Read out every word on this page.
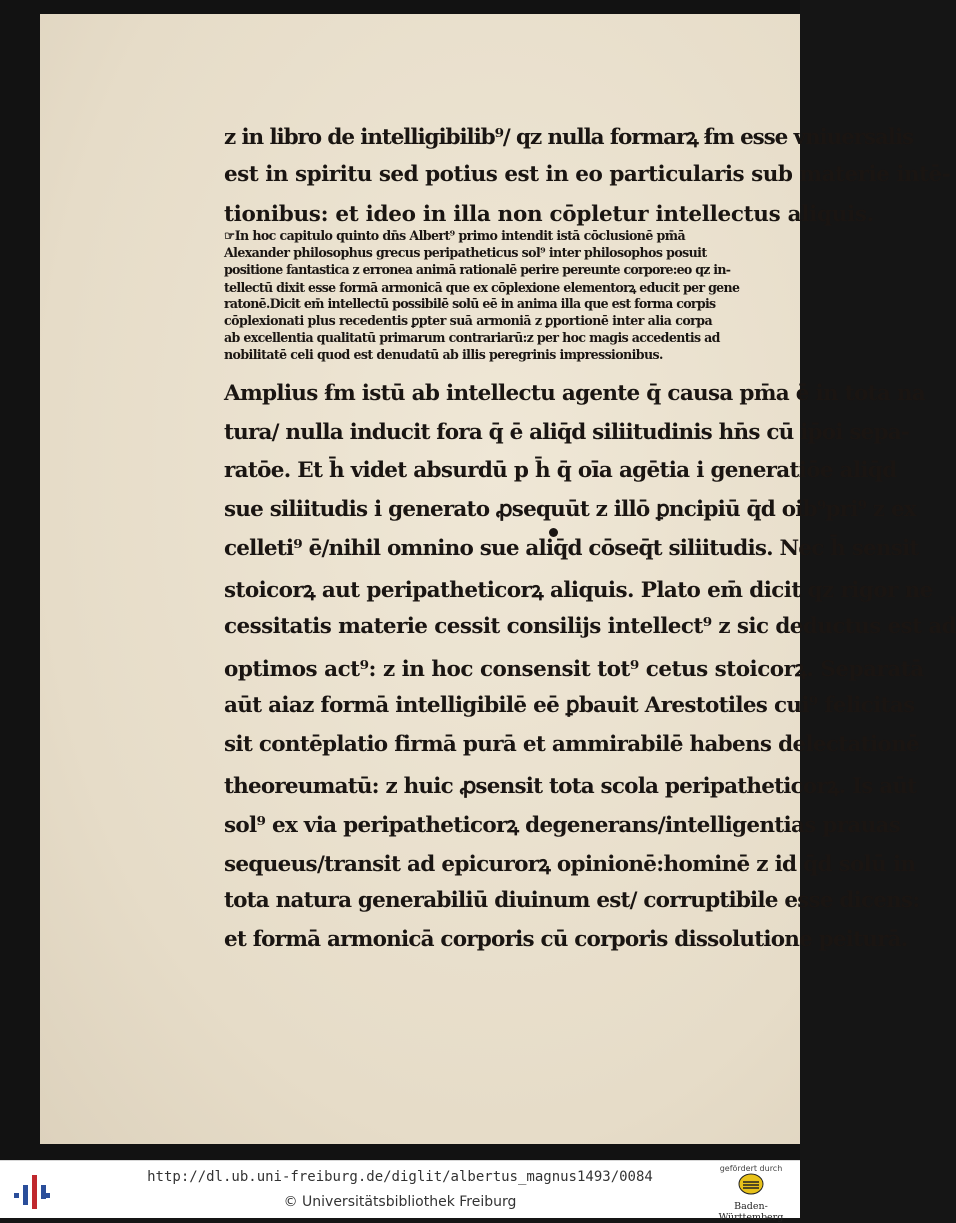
z in libro de intelligibilib⁹/ qz nulla formarꝝ ẜm esse vniuersalis
est in spiritu sed potius est in eo particularis sub materie intē-
tionibus: et ideo in illa non cōpletur intellectus aliquis.
☞In hoc capitulo quinto dn̄s Albert⁹ primo intendit istā cōclusionē pm̄ā
Alexander philosophus grecus peripatheticus sol⁹ inter philosophos posuit
positione fantastica z erronea animā rationalē perire pereunte corpore:eo qz in-
tellectū dixit esse formā armonicā que ex cōplexione elementorꝝ educit per gene
ratonē.Dicit em̄ intellectū possibilē solū eē in anima illa que est forma corpis
cōplexionati plus recedentis ꝑpter suā armoniā z ꝑportionē inter alia corpa
ab excellentia qualitatū primarum contrariarū:z per hoc magis accedentis ad
nobilitatē celi quod est denudatū ab illis peregrinis impressionibus.
Amplius ẜm istū ab intellectu agente q̄ causa pm̄a ē in tota na
tura/ nulla inducit fora q̄ ē aliq̄d siliitudinis hn̄s cū ip̄oi sepa-
ratōe. Et h̄ videt absurdū p h̄ q̄ oīa agētia i generatiōe aliq̄d
sue siliitudis i generato ꝓsequūt z illō ꝑncipiū q̄d oib⁹pri⁹ z ex
celleti⁹ ē/nihil omnino sue aliq̄d cōseq̄t siliitudis. Nec h̄ sensit
stoicorꝝ aut peripatheticorꝝ aliquis. Plato em̄ dicit qz rigor ne
cessitatis materie cessit consilijs intellect⁹ z sic deductus est ad
optimos act⁹: z in hoc consensit tot⁹ cetus stoicorꝝ. Separatā
aūt aiaz formā intelligibilē eē ꝑbauit Arestotiles cui⁹ felicitas
sit contēplatio firmā purā et ammirabilē habens delectationē
theoreumatū: z huic ꝓsensit tota scola peripatheticorꝝ. Is aūt
sol⁹ ex via peripatheticorꝝ degenerans/intelligentias prauas
sequeus/transit ad epicurorꝝ opinionē:hominē z id q̄d solū in
tota natura generabiliū diuinum est/ corruptibile esse dicens:
et formā armonicā corporis cū corporis dissolutione peiturā.
http://dl.ub.uni-freiburg.de/diglit/albertus_magnus1493/0084
© Universitätsbibliothek Freiburg
gefördert durch
Baden-Württemberg
